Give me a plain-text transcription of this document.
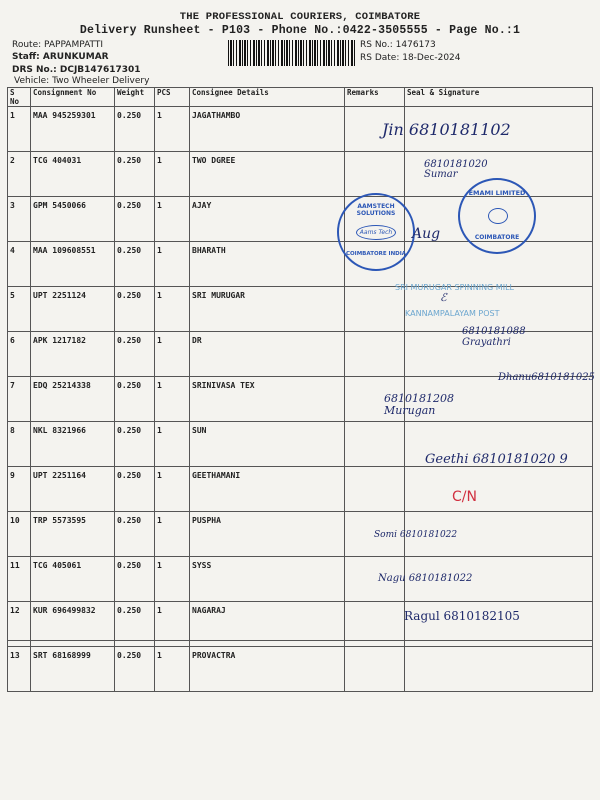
THE PROFESSIONAL COURIERS, COIMBATORE
Delivery Runsheet - P103 - Phone No.:0422-3505555 - Page No.:1
Route: PAPPAMPATTI
Staff: ARUNKUMAR
DRS No.: DCJB147617301
Vehicle: Two Wheeler Delivery
RS No.: 1476173
RS Date: 18-Dec-2024
S No	Consignment No	Weight	PCS	Consignee Details	Remarks	Seal & Signature
1	MAA 945259301	0.250	1	JAGATHAMBO		
2	TCG 404031	0.250	1	TWO DGREE		
3	GPM 5450066	0.250	1	AJAY		
4	MAA 109608551	0.250	1	BHARATH		
5	UPT 2251124	0.250	1	SRI MURUGAR		
6	APK 1217182	0.250	1	DR		
7	EDQ 25214338	0.250	1	SRINIVASA TEX		
8	NKL 8321966	0.250	1	SUN		
9	UPT 2251164	0.250	1	GEETHAMANI		
10	TRP 5573595	0.250	1	PUSPHA		
11	TCG 405061	0.250	1	SYSS		
12	KUR 696499832	0.250	1	NAGARAJ		
13	SRT 68168999	0.250	1	PROVACTRA		
Jin 6810181102
6810181020 Sumar
AAMSTECH SOLUTIONS
Aams Tech
COIMBATORE INDIA
Aug
EMAMI LIMITED
COIMBATORE
SRI MURUGAR SPINNING MILL
ℰ
KANNAMPALAYAM POST
6810181088 Grayathri
Dhanu6810181025
6810181208 Murugan
Geethi 6810181020 9
C/N
Somi 6810181022
Nagu 6810181022
Ragul 6810182105
